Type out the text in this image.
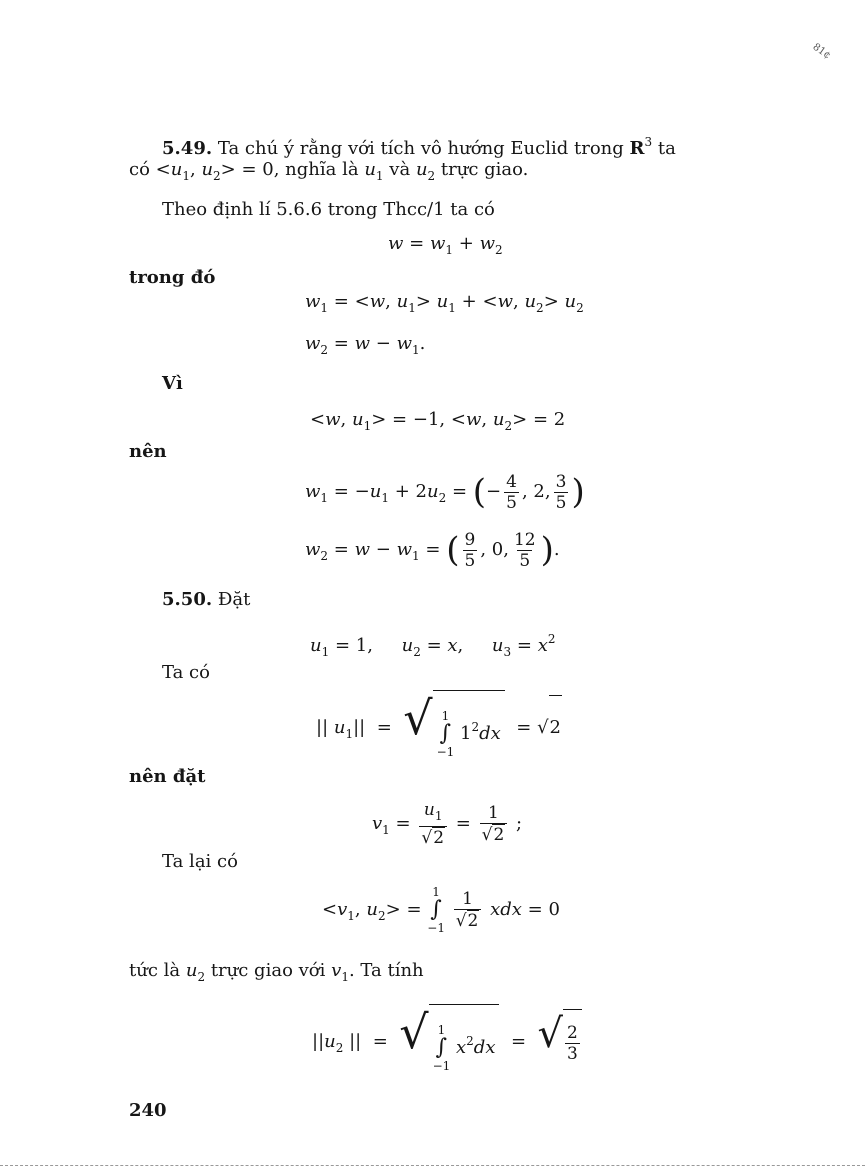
81¢
5.49. Ta chú ý rằng với tích vô hướng Euclid trong $R^3$ ta
có $<u_1$, $u_2> = 0$, nghĩa là $u_1$ và $u_2$ trực giao.
Theo định lí 5.6.6 trong Thcc/1 ta có
$w = w_1 + w_2$
trong đó
$w_1 = <w$, $u_1> u_1 + <w$, $u_2> u_2$
$w_2 = w - w_1$.
Vì
<w, $u_1> = -1$, <w, $u_2> = 2$
nên
$w_1 = -u_1 + 2u_2$ = (− $\frac{4}{5}$ , 2, $\frac{3}{5}$ )
$w_2 = w - w_1$ = ( $\frac{9}{5}$ , 0, $\frac{12}{5}$ ).
5.50. Đặt
$u_1 = 1$, $u_2 = x$, $u_3 = x^2$
Ta có
|| $u_1||$ = √ 1
∫
−1
$1^2dx = √2$
nên đặt
$v_1 = \frac{u_1}{√2} = \frac{1}{√2}$ ;
Ta lại có
$<v_1$, $u_2>$ =
1
∫
−1
$\frac{1}{√2}$ xdx = 0
tức là $u_2$ trực giao với $v_1$. Ta tính
$||u_2$ || = √ 1
∫
−1
$x^2dx$ = √ $\frac{2}{3}$
240
